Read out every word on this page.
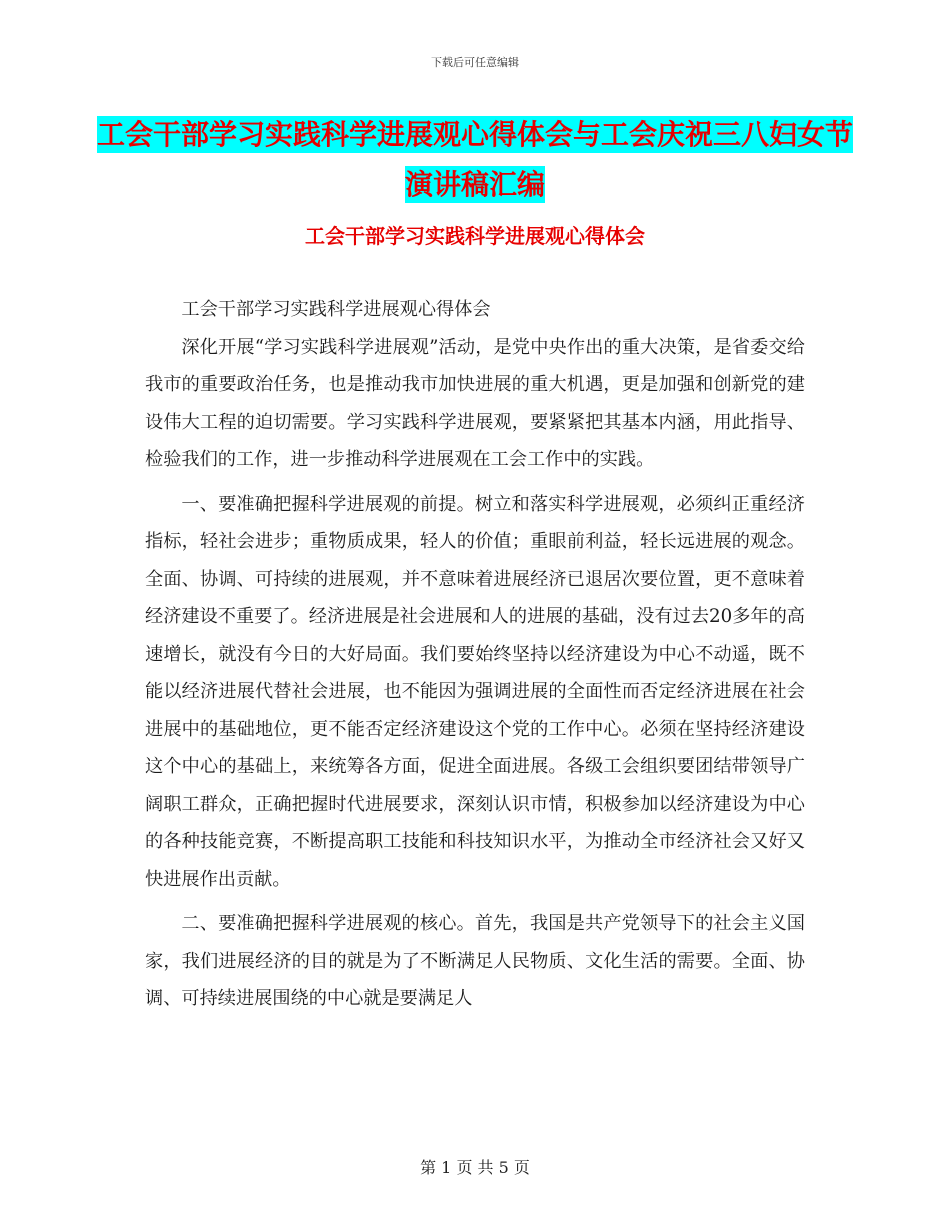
下载后可任意编辑
工会干部学习实践科学进展观心得体会与工会庆祝三八妇女节演讲稿汇编
工会干部学习实践科学进展观心得体会

工会干部学习实践科学进展观心得体会

深化开展“学习实践科学进展观”活动，是党中央作出的重大决策，是省委交给我市的重要政治任务，也是推动我市加快进展的重大机遇，更是加强和创新党的建设伟大工程的迫切需要。学习实践科学进展观，要紧紧把其基本内涵，用此指导、检验我们的工作，进一步推动科学进展观在工会工作中的实践。

一、要准确把握科学进展观的前提。树立和落实科学进展观，必须纠正重经济指标，轻社会进步；重物质成果，轻人的价值；重眼前利益，轻长远进展的观念。全面、协调、可持续的进展观，并不意味着进展经济已退居次要位置，更不意味着经济建设不重要了。经济进展是社会进展和人的进展的基础，没有过去20多年的高速增长，就没有今日的大好局面。我们要始终坚持以经济建设为中心不动遥，既不能以经济进展代替社会进展，也不能因为强调进展的全面性而否定经济进展在社会进展中的基础地位，更不能否定经济建设这个党的工作中心。必须在坚持经济建设这个中心的基础上，来统筹各方面，促进全面进展。各级工会组织要团结带领导广阔职工群众，正确把握时代进展要求，深刻认识市情，积极参加以经济建设为中心的各种技能竞赛，不断提高职工技能和科技知识水平，为推动全市经济社会又好又快进展作出贡献。

二、要准确把握科学进展观的核心。首先，我国是共产党领导下的社会主义国家，我们进展经济的目的就是为了不断满足人民物质、文化生活的需要。全面、协调、可持续进展围绕的中心就是要满足人

第 1 页 共 5 页
